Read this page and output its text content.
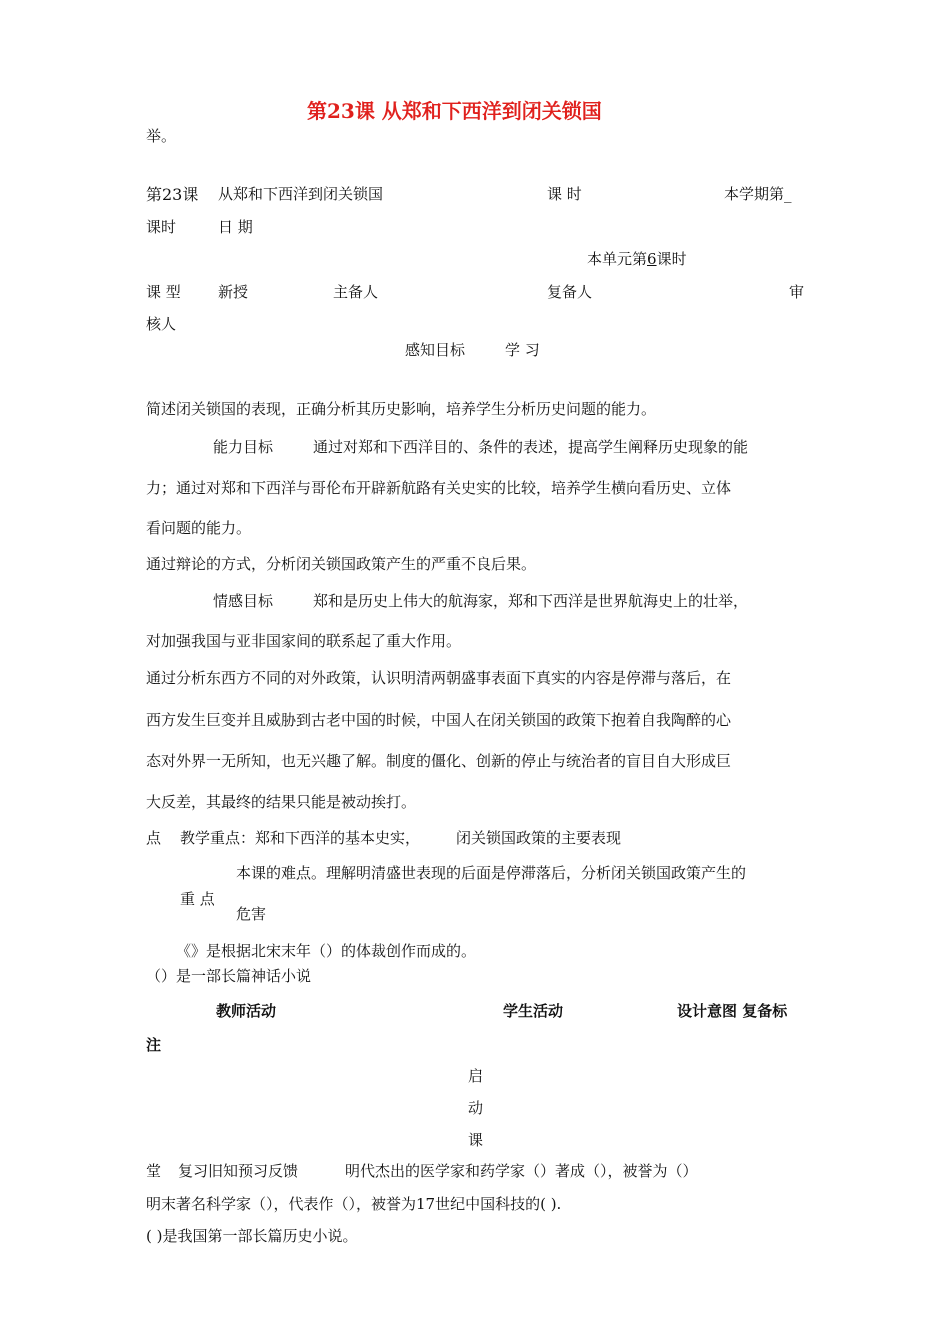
第23课 从郑和下西洋到闭关锁国
举。
第23课 从郑和下西洋到闭关锁国	课 时	本学期第_
课时	日 期
本单元第6课时
课 型 新授	主备人	复备人	审
核人
感知目标	学 习
简述闭关锁国的表现，正确分析其历史影响，培养学生分析历史问题的能力。
能力目标	通过对郑和下西洋目的、条件的表述，提高学生阐释历史现象的能
力；通过对郑和下西洋与哥伦布开辟新航路有关史实的比较，培养学生横向看历史、立体
看问题的能力。
通过辩论的方式，分析闭关锁国政策产生的严重不良后果。
情感目标	郑和是历史上伟大的航海家，郑和下西洋是世界航海史上的壮举，
对加强我国与亚非国家间的联系起了重大作用。
通过分析东西方不同的对外政策，认识明清两朝盛事表面下真实的内容是停滞与落后，在
西方发生巨变并且威胁到古老中国的时候，中国人在闭关锁国的政策下抱着自我陶醉的心
态对外界一无所知，也无兴趣了解。制度的僵化、创新的停止与统治者的盲目自大形成巨
大反差，其最终的结果只能是被动挨打。
点 教学重点：郑和下西洋的基本史实， 闭关锁国政策的主要表现
本课的难点。理解明清盛世表现的后面是停滞落后，分析闭关锁国政策产生的
重 点
危害
《》是根据北宋末年（）的体裁创作而成的。
（）是一部长篇神话小说
教师活动	学生活动	设计意图 复备标
注
启
动
课
堂 复习旧知预习反馈	明代杰出的医学家和药学家（）著成（），被誉为（）
明末著名科学家（），代表作（），被誉为17世纪中国科技的( ).
( )是我国第一部长篇历史小说。
